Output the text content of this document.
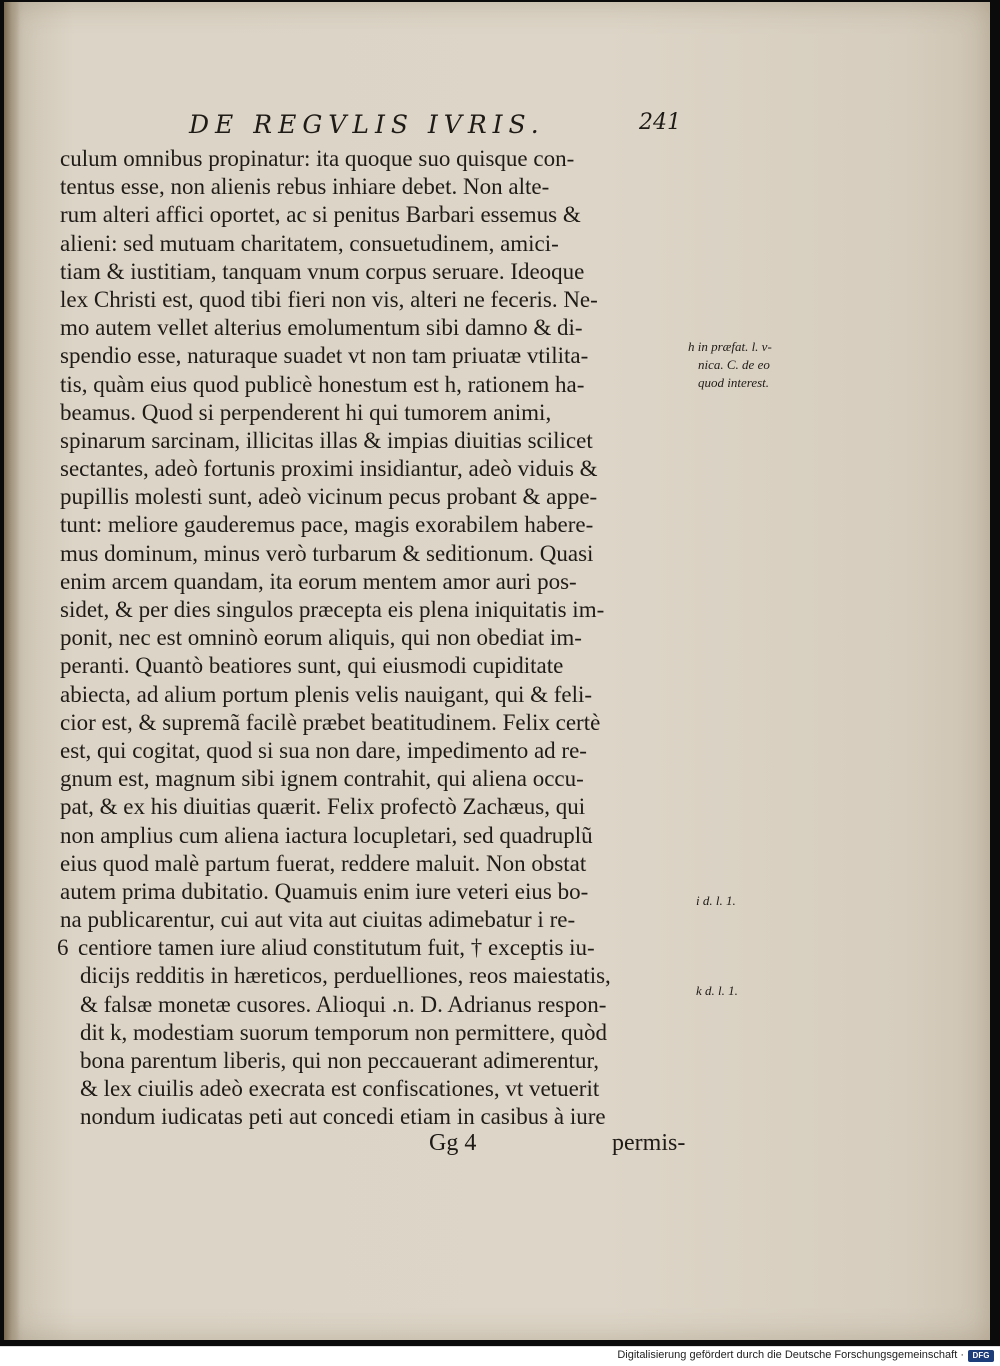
DE REGVLIS IVRIS.	241
culum omnibus propinatur: ita quoque suo quisque con-
tentus esse, non alienis rebus inhiare debet. Non alte-
rum alteri affici oportet, ac si penitus Barbari essemus &
alieni: sed mutuam charitatem, consuetudinem, amici-
tiam & iustitiam, tanquam vnum corpus seruare. Ideoque
lex Christi est, quod tibi fieri non vis, alteri ne feceris. Ne-
mo autem vellet alterius emolumentum sibi damno & di-
spendio esse, naturaque suadet vt non tam priuatæ vtilita-
tis, quàm eius quod publicè honestum est h, rationem ha-
beamus. Quod si perpenderent hi qui tumorem animi,
spinarum sarcinam, illicitas illas & impias diuitias scilicet
sectantes, adeò fortunis proximi insidiantur, adeò viduis &
pupillis molesti sunt, adeò vicinum pecus probant & appe-
tunt: meliore gauderemus pace, magis exorabilem habere-
mus dominum, minus verò turbarum & seditionum. Quasi
enim arcem quandam, ita eorum mentem amor auri pos-
sidet, & per dies singulos præcepta eis plena iniquitatis im-
ponit, nec est omninò eorum aliquis, qui non obediat im-
peranti. Quantò beatiores sunt, qui eiusmodi cupiditate
abiecta, ad alium portum plenis velis nauigant, qui & feli-
cior est, & supremã facilè præbet beatitudinem. Felix certè
est, qui cogitat, quod si sua non dare, impedimento ad re-
gnum est, magnum sibi ignem contrahit, qui aliena occu-
pat, & ex his diuitias quærit. Felix profectò Zachæus, qui
non amplius cum aliena iactura locupletari, sed quadruplũ
eius quod malè partum fuerat, reddere maluit. Non obstat
autem prima dubitatio. Quamuis enim iure veteri eius bo-
na publicarentur, cui aut vita aut ciuitas adimebatur i re-
6 centiore tamen iure aliud constitutum fuit, † exceptis iu-
dicijs redditis in hæreticos, perduelliones, reos maiestatis,
& falsæ monetæ cusores. Alioqui .n. D. Adrianus respon-
dit k, modestiam suorum temporum non permittere, quòd
bona parentum liberis, qui non peccauerant adimerentur,
& lex ciuilis adeò execrata est confiscationes, vt vetuerit
nondum iudicatas peti aut concedi etiam in casibus à iure
h in præfat. l. v-
nica. C. de eo
quod interest.
i d. l. 1.
k d. l. 1.
Gg 4	permis-
Digitalisierung gefördert durch die Deutsche Forschungsgemeinschaft ·	DFG
